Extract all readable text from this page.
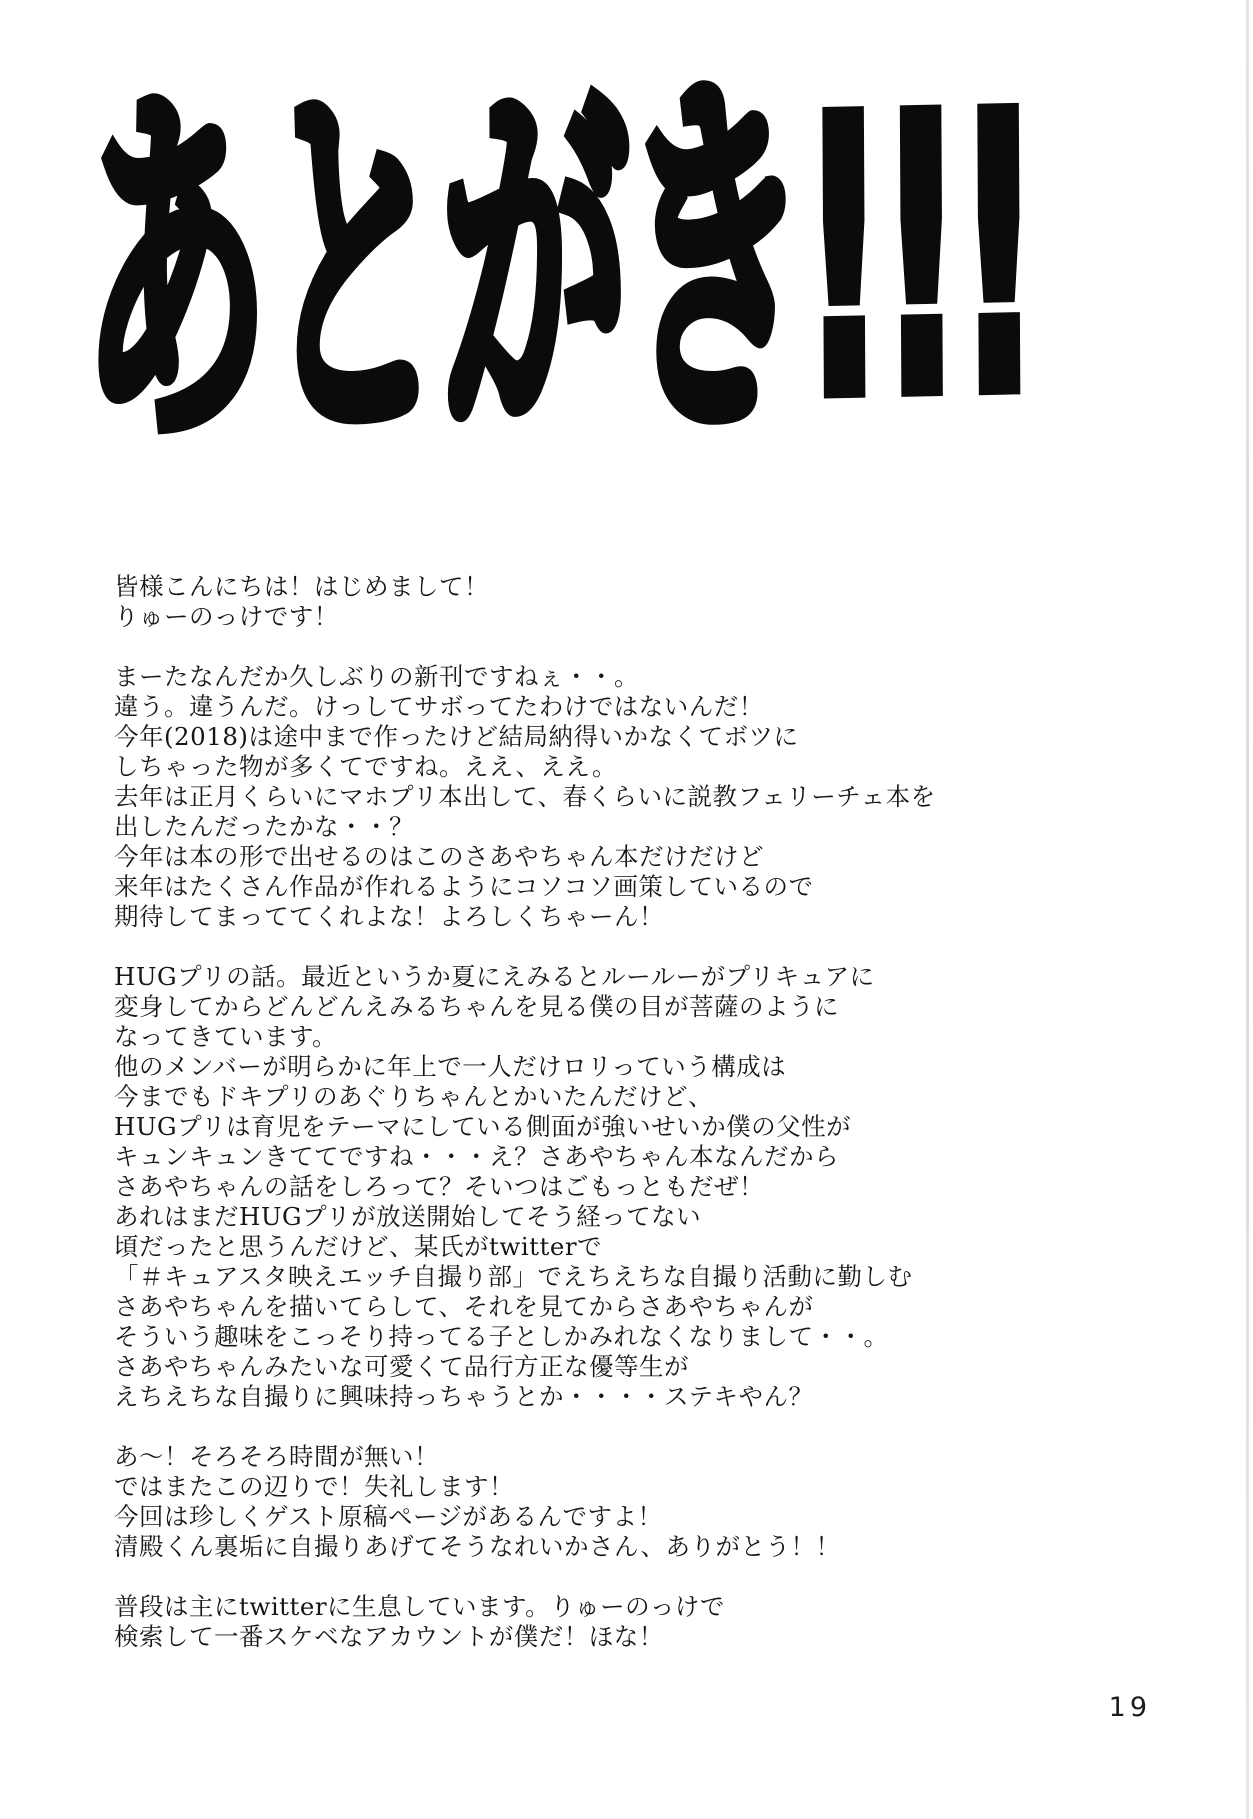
あとがき!!!

皆様こんにちは！はじめまして！
りゅーのっけです！

まーたなんだか久しぶりの新刊ですねぇ・・。
違う。違うんだ。けっしてサボってたわけではないんだ！
今年(2018)は途中まで作ったけど結局納得いかなくてボツに
しちゃった物が多くてですね。ええ、ええ。
去年は正月くらいにマホプリ本出して、春くらいに説教フェリーチェ本を
出したんだったかな・・？
今年は本の形で出せるのはこのさあやちゃん本だけだけど
来年はたくさん作品が作れるようにコソコソ画策しているので
期待してまっててくれよな！よろしくちゃーん！

HUGプリの話。最近というか夏にえみるとルールーがプリキュアに
変身してからどんどんえみるちゃんを見る僕の目が菩薩のように
なってきています。
他のメンバーが明らかに年上で一人だけロリっていう構成は
今までもドキプリのあぐりちゃんとかいたんだけど、
HUGプリは育児をテーマにしている側面が強いせいか僕の父性が
キュンキュンきててですね・・・え？さあやちゃん本なんだから
さあやちゃんの話をしろって？そいつはごもっともだぜ！
あれはまだHUGプリが放送開始してそう経ってない
頃だったと思うんだけど、某氏がtwitterで
「＃キュアスタ映えエッチ自撮り部」でえちえちな自撮り活動に勤しむ
さあやちゃんを描いてらして、それを見てからさあやちゃんが
そういう趣味をこっそり持ってる子としかみれなくなりまして・・。
さあやちゃんみたいな可愛くて品行方正な優等生が
えちえちな自撮りに興味持っちゃうとか・・・・ステキやん？

あ〜！そろそろ時間が無い！
ではまたこの辺りで！失礼します！
今回は珍しくゲスト原稿ページがあるんですよ！
清殿くん裏垢に自撮りあげてそうなれいかさん、ありがとう！！

普段は主にtwitterに生息しています。りゅーのっけで
検索して一番スケベなアカウントが僕だ！ほな！

19
